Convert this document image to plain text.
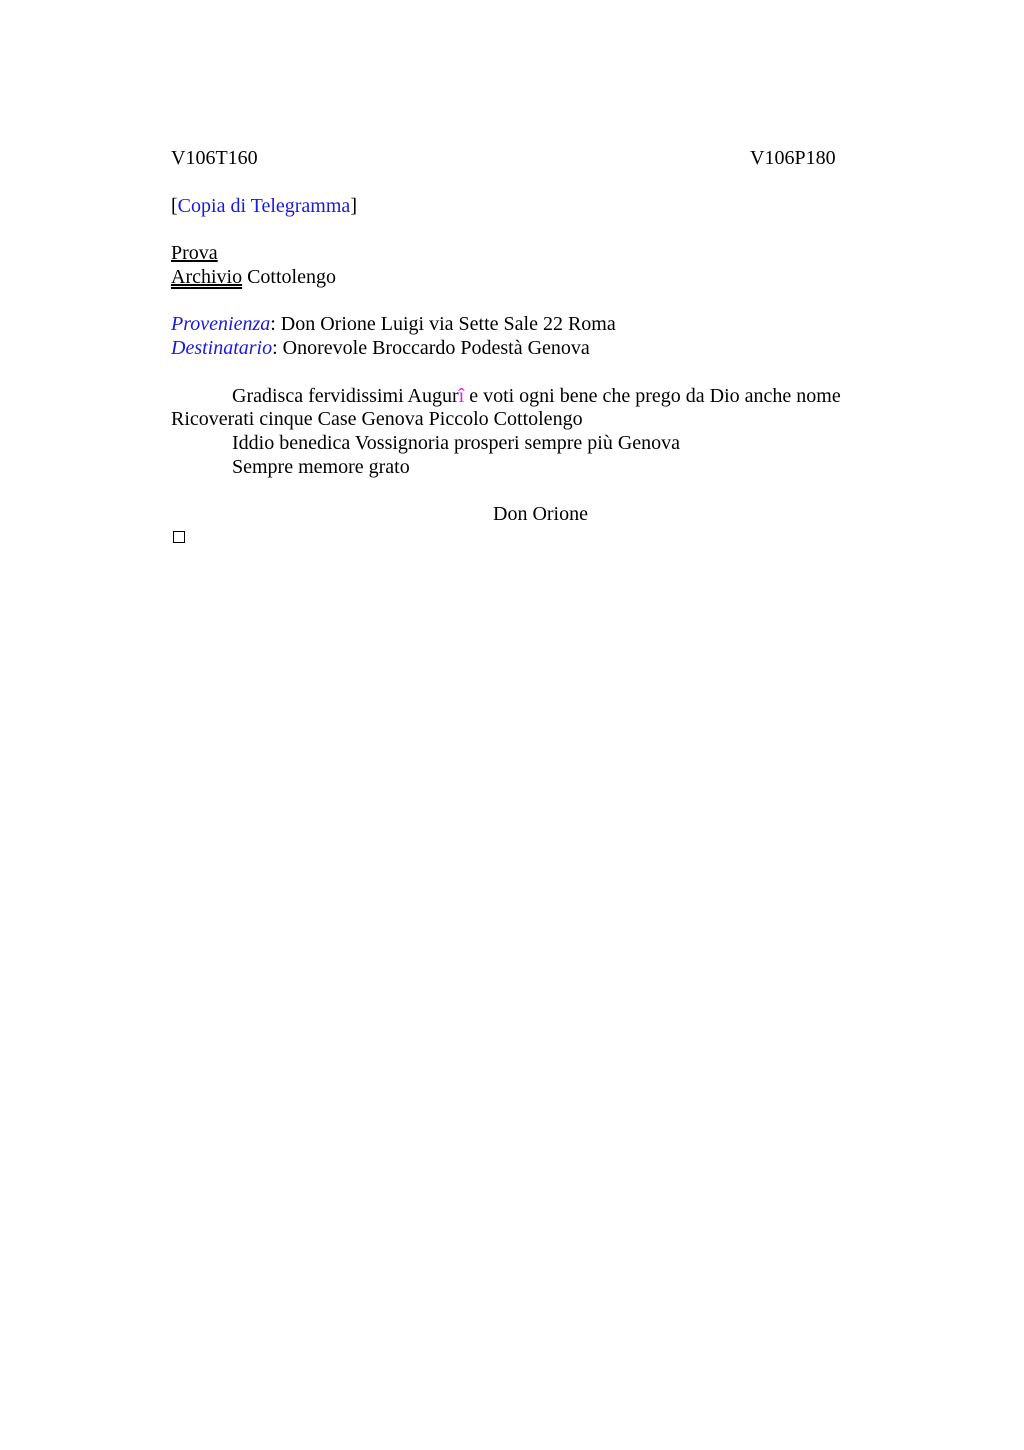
V106T160	V106P180
[Copia di Telegramma]
Prova
Archivio Cottolengo
Provenienza: Don Orione Luigi via Sette Sale 22 Roma
Destinatario: Onorevole Broccardo Podestà Genova
Gradisca fervidissimi Augurî e voti ogni bene che prego da Dio anche nome
Ricoverati cinque Case Genova Piccolo Cottolengo
Iddio benedica Vossignoria prosperi sempre più Genova
Sempre memore grato
Don Orione
